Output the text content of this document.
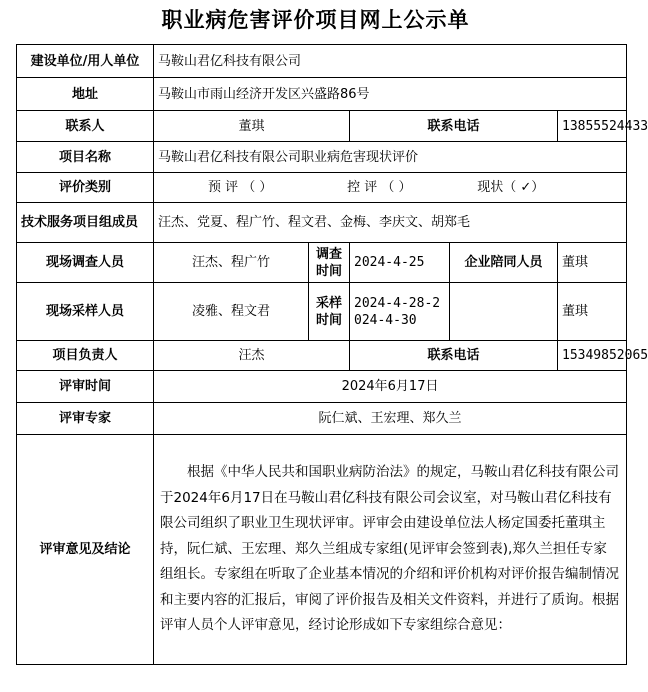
职业病危害评价项目网上公示单
建设单位/用人单位	马鞍山君亿科技有限公司				
地址	马鞍山市雨山经济开发区兴盛路86号				
联系人	董琪		联系电话		13855524433
项目名称	马鞍山君亿科技有限公司职业病危害现状评价				
评价类别	预 评 （ ） 控 评 （ ） 现状（ ✓）				
技术服务项目组成员	汪杰、党夏、程广竹、程文君、金梅、李庆文、胡郑毛				
现场调查人员	汪杰、程广竹	调查时间	2024-4-25	企业陪同人员	董琪
现场采样人员	凌雅、程文君	采样时间	2024-4-28-2024-4-30		董琪
项目负责人	汪杰		联系电话		15349852065
评审时间	2024年6月17日				
评审专家	阮仁斌、王宏理、郑久兰				
评审意见及结论	根据《中华人民共和国职业病防治法》的规定，马鞍山君亿科技有限公司于2024年6月17日在马鞍山君亿科技有限公司会议室，对马鞍山君亿科技有限公司组织了职业卫生现状评审。评审会由建设单位法人杨定国委托董琪主持，阮仁斌、王宏理、郑久兰组成专家组(见评审会签到表),郑久兰担任专家组组长。专家组在听取了企业基本情况的介绍和评价机构对评价报告编制情况和主要内容的汇报后，审阅了评价报告及相关文件资料，并进行了质询。根据评审人员个人评审意见，经讨论形成如下专家组综合意见：				
